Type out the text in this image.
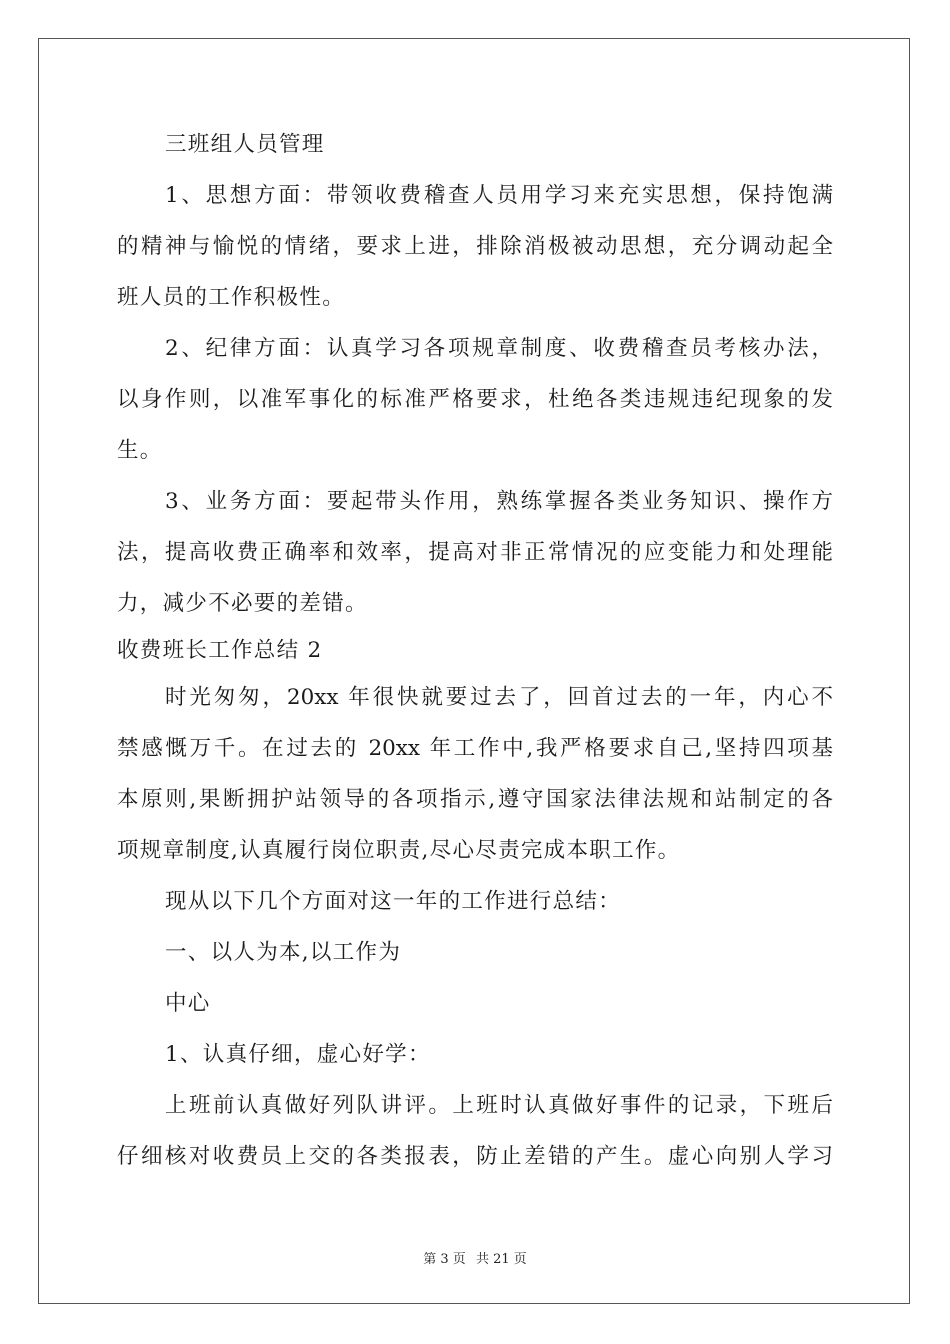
三班组人员管理
1、思想方面：带领收费稽查人员用学习来充实思想，保持饱满
的精神与愉悦的情绪，要求上进，排除消极被动思想，充分调动起全
班人员的工作积极性。
2、纪律方面：认真学习各项规章制度、收费稽查员考核办法，
以身作则，以准军事化的标准严格要求，杜绝各类违规违纪现象的发
生。
3、业务方面：要起带头作用，熟练掌握各类业务知识、操作方
法，提高收费正确率和效率，提高对非正常情况的应变能力和处理能
力，减少不必要的差错。
收费班长工作总结 2
时光匆匆，20xx 年很快就要过去了，回首过去的一年，内心不
禁感慨万千。在过去的 20xx 年工作中,我严格要求自己,坚持四项基
本原则,果断拥护站领导的各项指示,遵守国家法律法规和站制定的各
项规章制度,认真履行岗位职责,尽心尽责完成本职工作。
现从以下几个方面对这一年的工作进行总结：
一、以人为本,以工作为
中心
1、认真仔细，虚心好学：
上班前认真做好列队讲评。上班时认真做好事件的记录，下班后
仔细核对收费员上交的各类报表，防止差错的产生。虚心向别人学习
第 3 页 共 21 页
